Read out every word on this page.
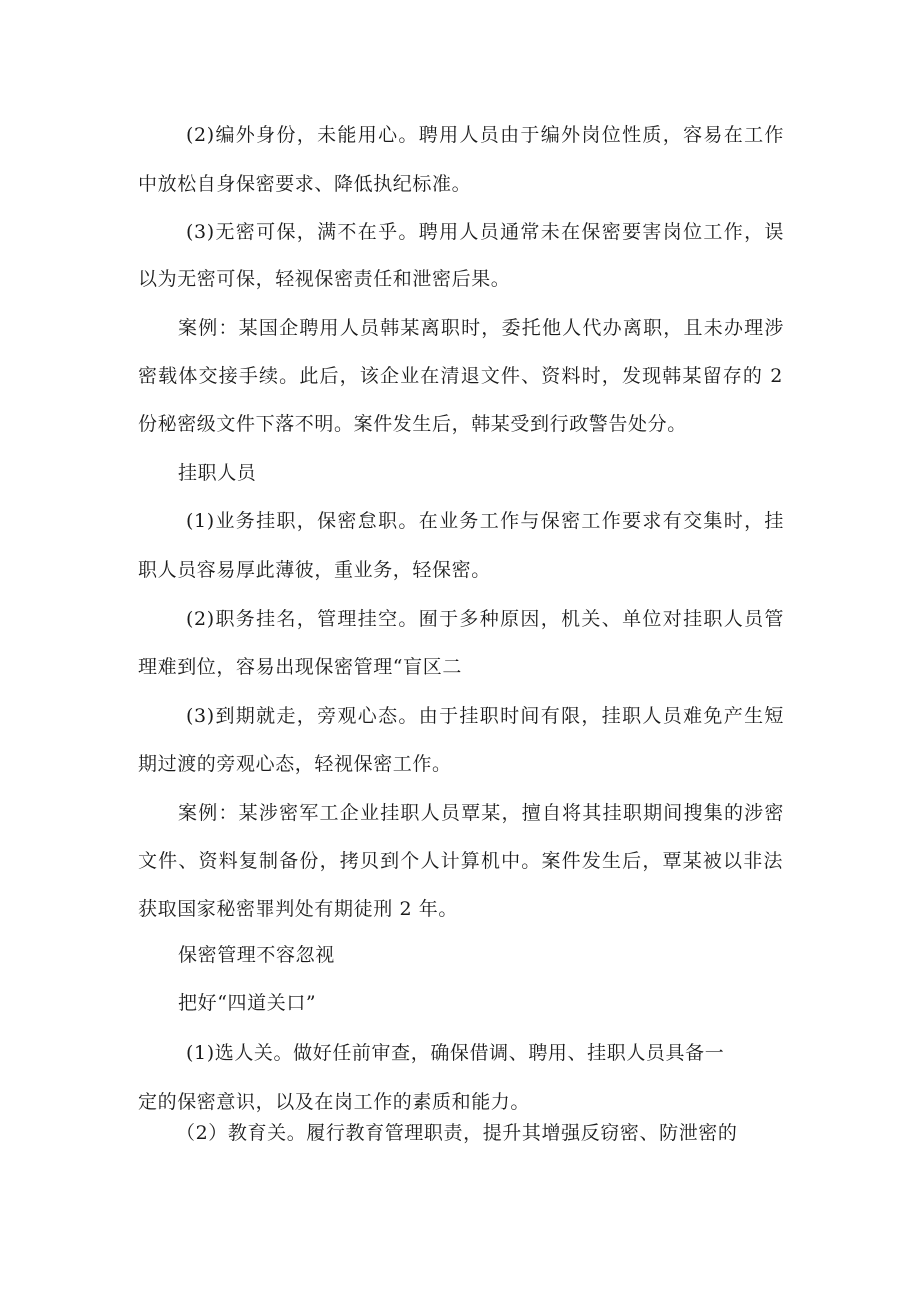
(2)编外身份，未能用心。聘用人员由于编外岗位性质，容易在工作
中放松自身保密要求、降低执纪标准。
(3)无密可保，满不在乎。聘用人员通常未在保密要害岗位工作，误
以为无密可保，轻视保密责任和泄密后果。
案例：某国企聘用人员韩某离职时，委托他人代办离职，且未办理涉
密载体交接手续。此后，该企业在清退文件、资料时，发现韩某留存的 2
份秘密级文件下落不明。案件发生后，韩某受到行政警告处分。
挂职人员
(1)业务挂职，保密怠职。在业务工作与保密工作要求有交集时，挂
职人员容易厚此薄彼，重业务，轻保密。
(2)职务挂名，管理挂空。囿于多种原因，机关、单位对挂职人员管
理难到位，容易出现保密管理“盲区二
(3)到期就走，旁观心态。由于挂职时间有限，挂职人员难免产生短
期过渡的旁观心态，轻视保密工作。
案例：某涉密军工企业挂职人员覃某，擅自将其挂职期间搜集的涉密
文件、资料复制备份，拷贝到个人计算机中。案件发生后，覃某被以非法
获取国家秘密罪判处有期徒刑 2 年。
保密管理不容忽视
把好“四道关口”
(1)选人关。做好任前审查，确保借调、聘用、挂职人员具备一
定的保密意识，以及在岗工作的素质和能力。
（2）教育关。履行教育管理职责，提升其增强反窃密、防泄密的
